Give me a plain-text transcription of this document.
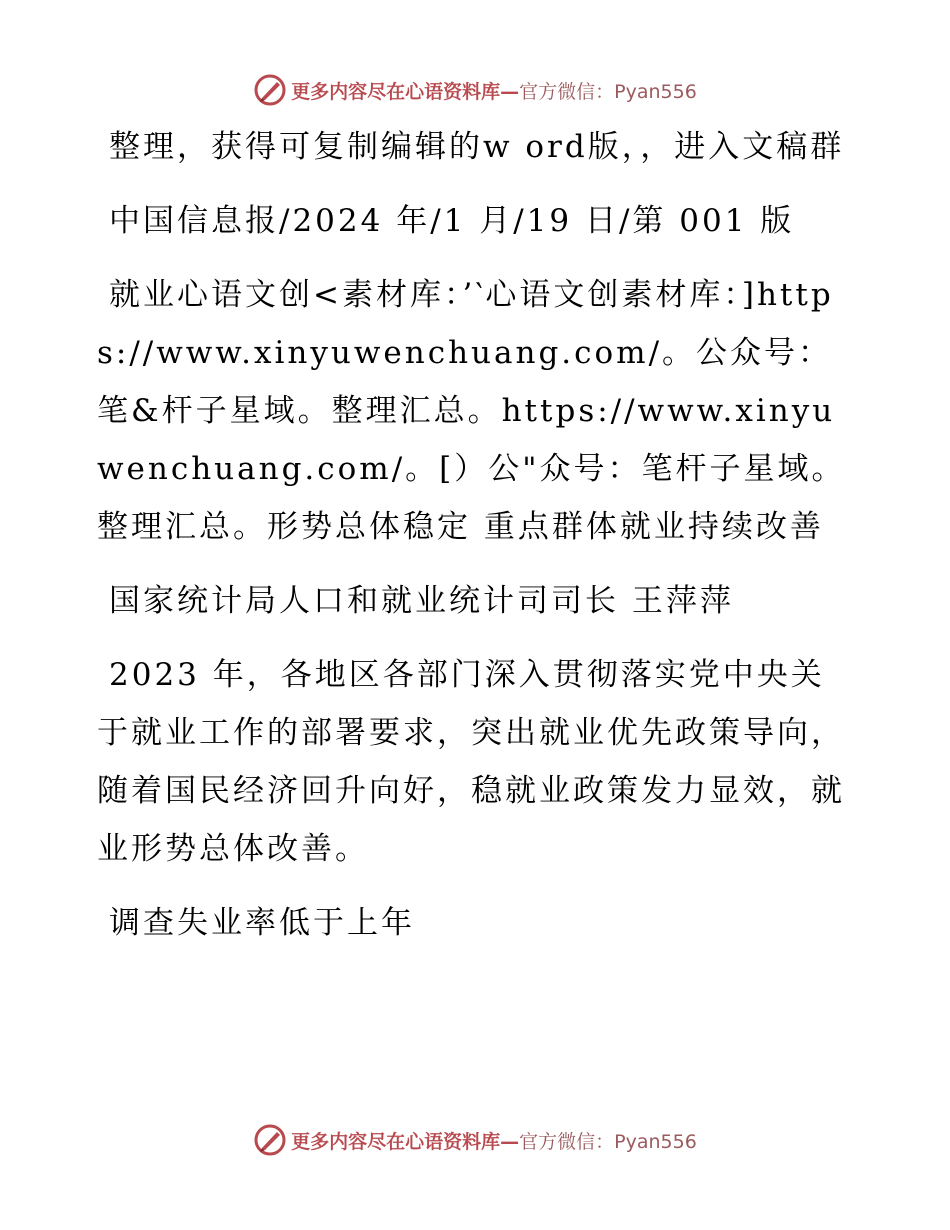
更多内容尽在心语资料库—官方微信：Pyan556

整理，获得可复制编辑的w ord版，，进入文稿群

中国信息报/2024 年/1 月/19 日/第 001 版

就业心语文创<素材库：’‵心语文创素材库：]https://www.xinyuwenchuang.com/。公众号：笔&杆子星域。整理汇总。https://www.xinyuwenchuang.com/。[）公"众号：笔杆子星域。整理汇总。形势总体稳定 重点群体就业持续改善

国家统计局人口和就业统计司司长 王萍萍

2023 年，各地区各部门深入贯彻落实党中央关于就业工作的部署要求，突出就业优先政策导向，随着国民经济回升向好，稳就业政策发力显效，就业形势总体改善。

调查失业率低于上年

更多内容尽在心语资料库—官方微信：Pyan556
